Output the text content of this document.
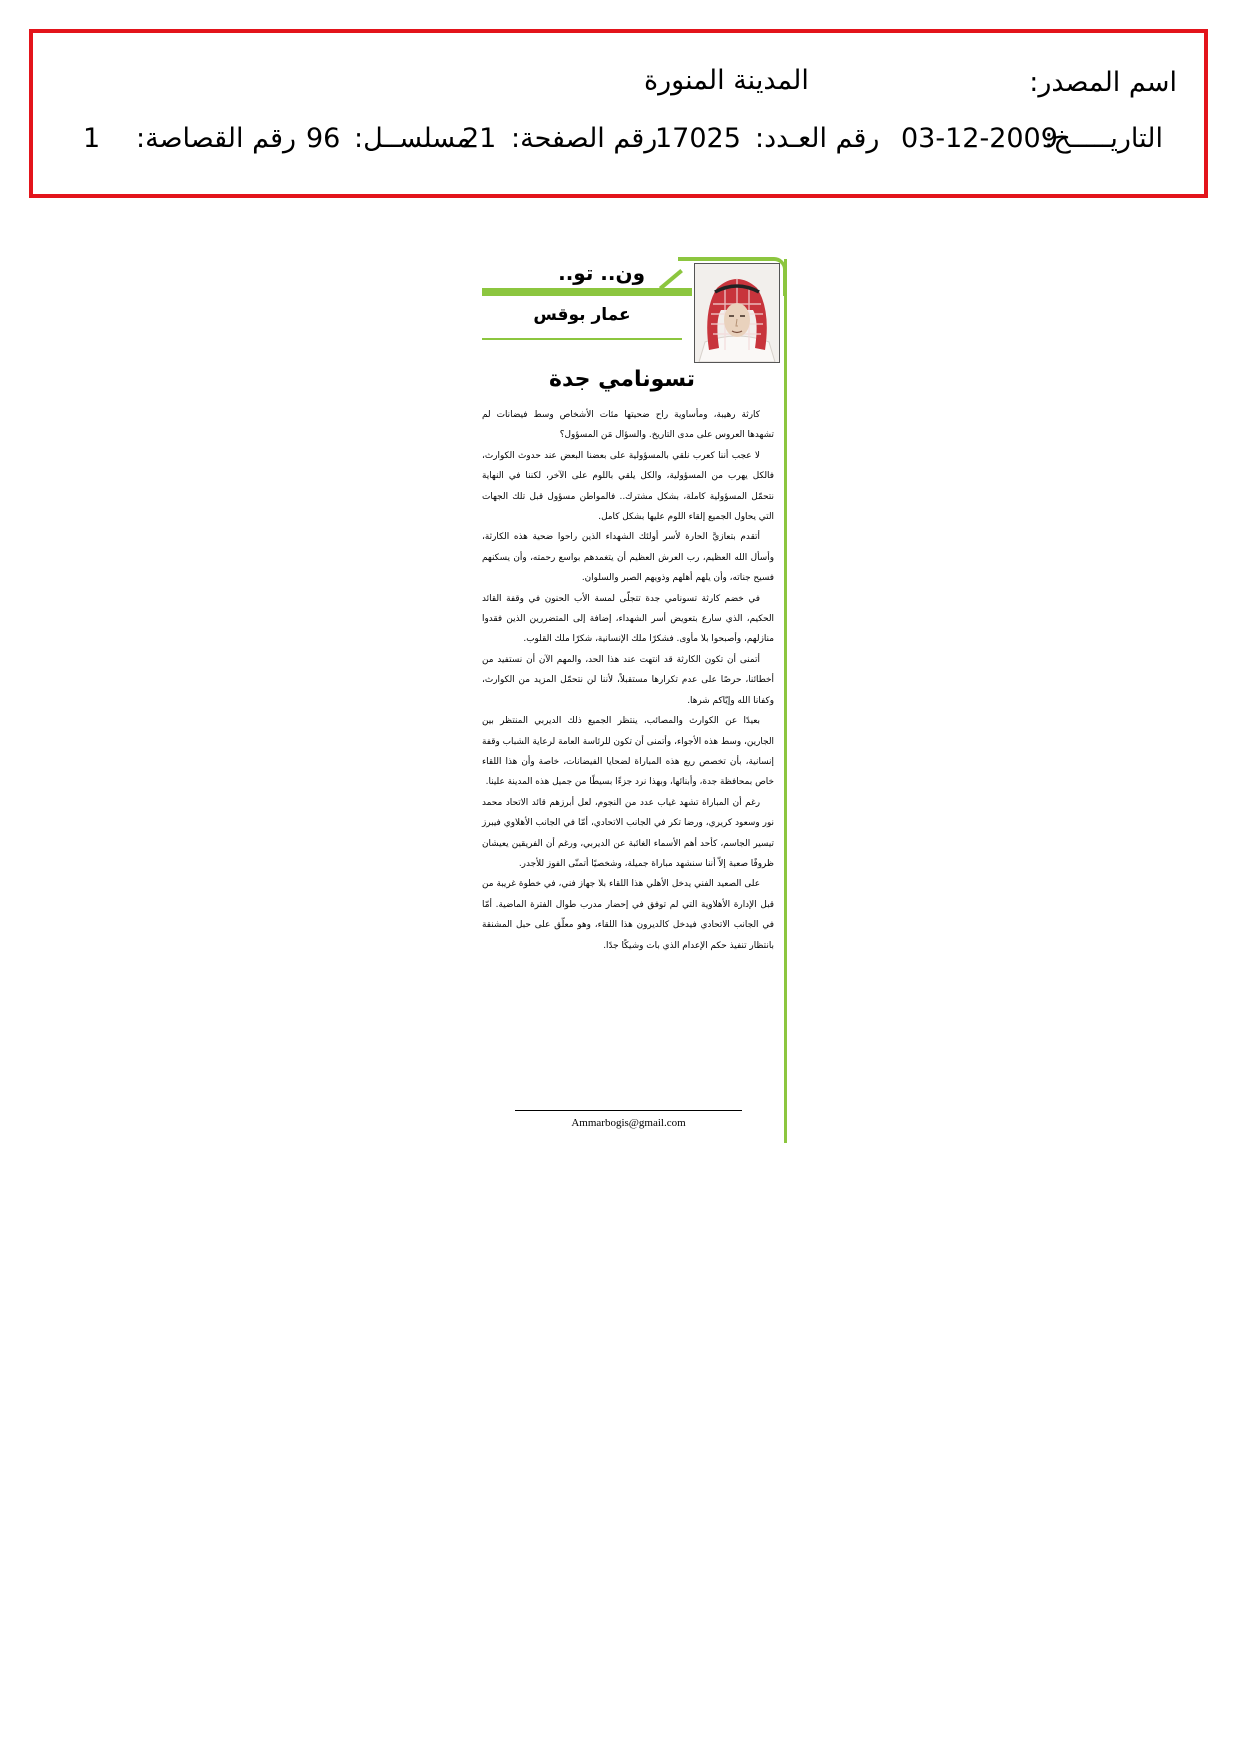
اسم المصدر:
المدينة المنورة
التاريـــــخ:
03-12-2009
رقم العـدد:
17025
رقم الصفحة:
21
مسلســل:
96
رقم القصاصة:
1
ون.. تو..
عمار بوقس
تسونامي جدة

كارثة رهيبة، ومأساوية راح ضحيتها مئات الأشخاص وسط فيضانات لم تشهدها العروس على مدى التاريخ. والسؤال مَن المسؤول؟

لا عجب أننا كعرب نلقي بالمسؤولية على بعضنا البعض عند حدوث الكوارث، فالكل يهرب من المسؤولية، والكل يلقي باللوم على الآخر، لكننا في النهاية نتحمّل المسؤولية كاملة، بشكل مشترك.. فالمواطن مسؤول قبل تلك الجهات التي يحاول الجميع إلقاء اللوم عليها بشكل كامل.

أتقدم بتعازيَّ الحارة لأسر أولئك الشهداء الذين راحوا ضحية هذه الكارثة، وأسأل الله العظيم، رب العرش العظيم أن يتغمدهم بواسع رحمته، وأن يسكنهم فسيح جناته، وأن يلهم أهلهم وذويهم الصبر والسلوان.

في خضم كارثة تسونامي جدة تتجلّى لمسة الأب الحنون في وقفة القائد الحكيم، الذي سارع بتعويض أسر الشهداء، إضافة إلى المتضررين الذين فقدوا منازلهم، وأصبحوا بلا مأوى. فشكرًا ملك الإنسانية، شكرًا ملك القلوب.

أتمنى أن تكون الكارثة قد انتهت عند هذا الحد، والمهم الآن أن نستفيد من أخطائنا، حرصًا على عدم تكرارها مستقبلاً، لأننا لن نتحمّل المزيد من الكوارث، وكفانا الله وإيّاكم شرها.

بعيدًا عن الكوارث والمصائب، ينتظر الجميع ذلك الديربي المنتظر بين الجارين، وسط هذه الأجواء، وأتمنى أن تكون للرئاسة العامة لرعاية الشباب وقفة إنسانية، بأن تخصص ريع هذه المباراة لضحايا الفيضانات، خاصة وأن هذا اللقاء خاص بمحافظة جدة، وأبنائها، وبهذا نرد جزءًا بسيطًا من جميل هذه المدينة علينا.

رغم أن المباراة تشهد غياب عدد من النجوم، لعل أبرزهم قائد الاتحاد محمد نور وسعود كريري، ورضا تكر في الجانب الاتحادي، أمّا في الجانب الأهلاوي فيبرز تيسير الجاسم، كأحد أهم الأسماء الغائبة عن الديربي، ورغم أن الفريقين يعيشان ظروفًا صعبة إلاّ أننا سنشهد مباراة جميلة، وشخصيًا أتمنّى الفوز للأجدر.

على الصعيد الفني يدخل الأهلي هذا اللقاء بلا جهاز فني، في خطوة غريبة من قبل الإدارة الأهلاوية التي لم توفق في إحضار مدرب طوال الفترة الماضية. أمّا في الجانب الاتحادي فيدخل كالديرون هذا اللقاء، وهو معلّق على حبل المشنقة بانتظار تنفيذ حكم الإعدام الذي بات وشيكًا جدًا.

Ammarbogis@gmail.com
